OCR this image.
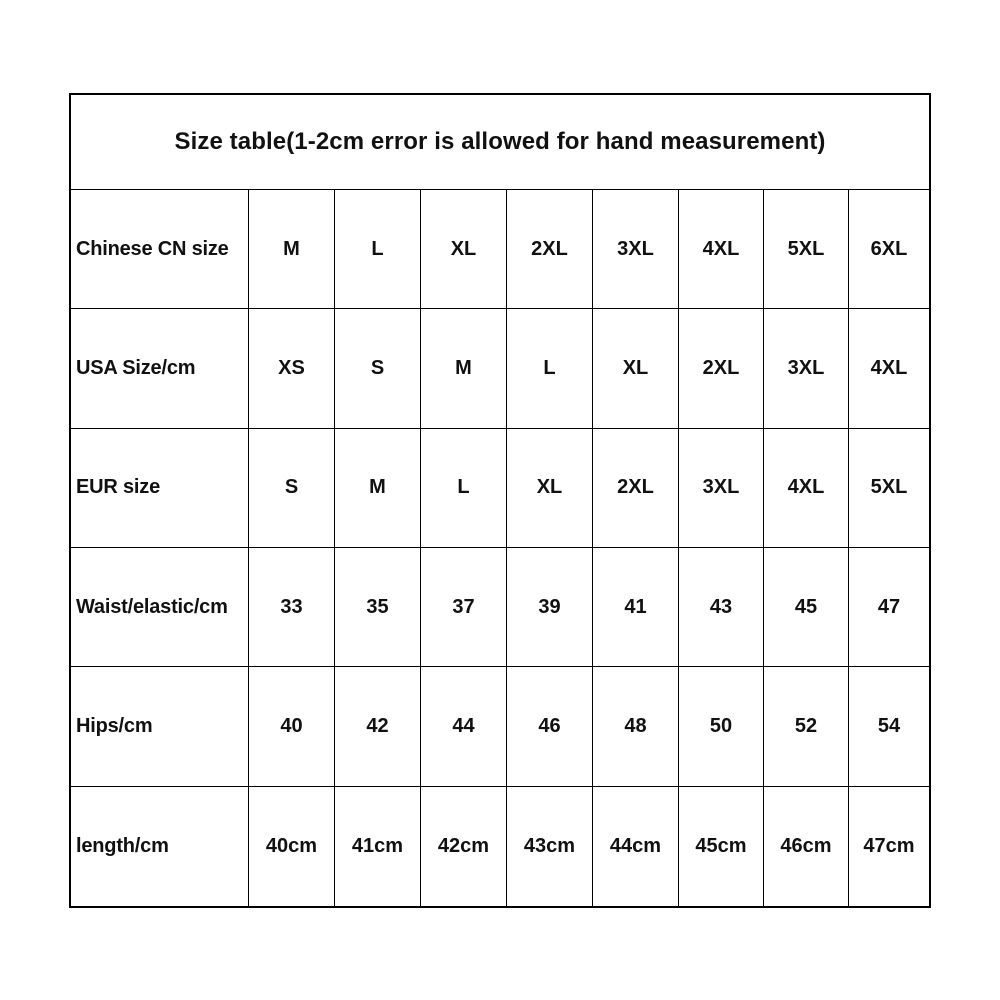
Size table(1-2cm error is allowed for hand measurement)
Chinese CN size	M	L	XL	2XL	3XL	4XL	5XL	6XL
USA Size/cm	XS	S	M	L	XL	2XL	3XL	4XL
EUR size	S	M	L	XL	2XL	3XL	4XL	5XL
Waist/elastic/cm	33	35	37	39	41	43	45	47
Hips/cm	40	42	44	46	48	50	52	54
length/cm	40cm	41cm	42cm	43cm	44cm	45cm	46cm	47cm
